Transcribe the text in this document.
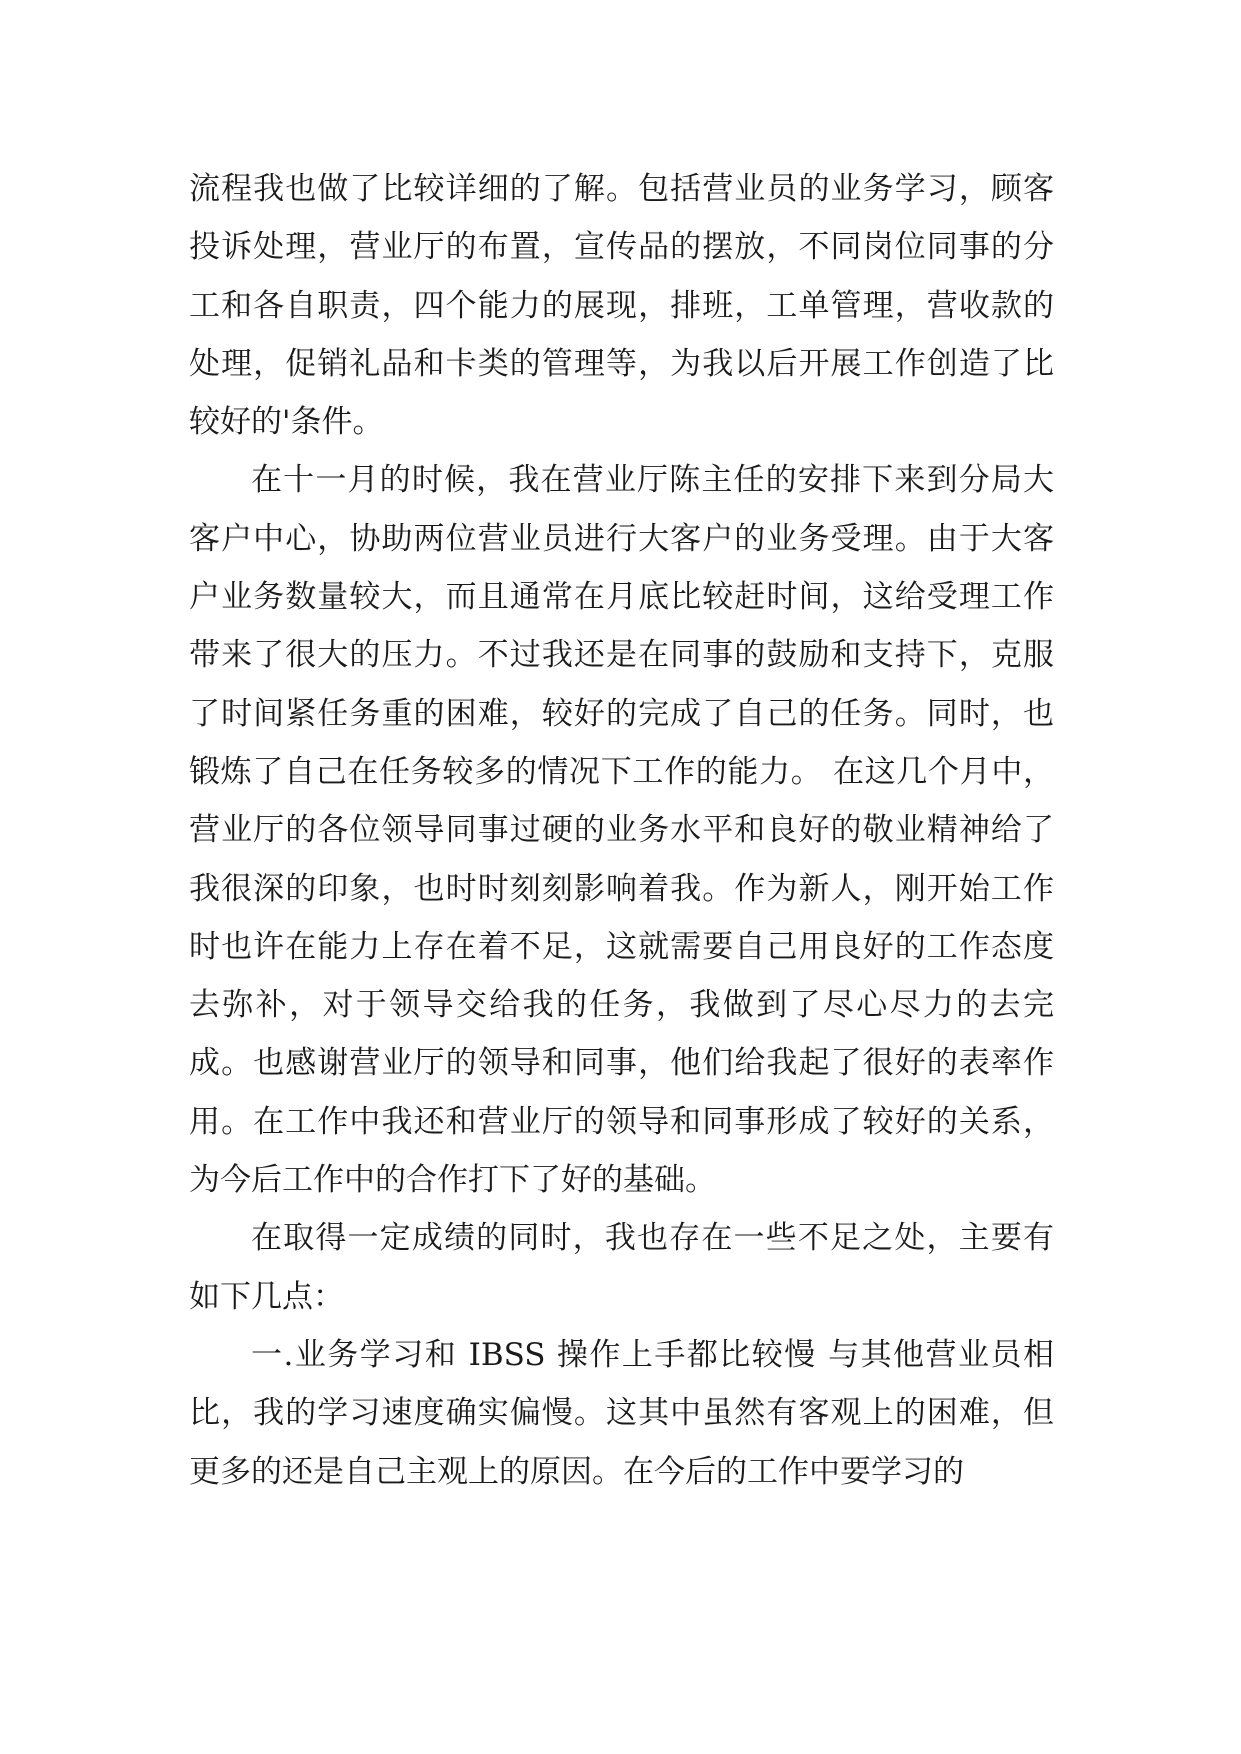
流程我也做了比较详细的了解。包括营业员的业务学习，顾客投诉处理，营业厅的布置，宣传品的摆放，不同岗位同事的分工和各自职责，四个能力的展现，排班，工单管理，营收款的处理，促销礼品和卡类的管理等，为我以后开展工作创造了比较好的'条件。

在十一月的时候，我在营业厅陈主任的安排下来到分局大客户中心，协助两位营业员进行大客户的业务受理。由于大客户业务数量较大，而且通常在月底比较赶时间，这给受理工作带来了很大的压力。不过我还是在同事的鼓励和支持下，克服了时间紧任务重的困难，较好的完成了自己的任务。同时，也锻炼了自己在任务较多的情况下工作的能力。 在这几个月中，营业厅的各位领导同事过硬的业务水平和良好的敬业精神给了我很深的印象，也时时刻刻影响着我。作为新人，刚开始工作时也许在能力上存在着不足，这就需要自己用良好的工作态度去弥补，对于领导交给我的任务，我做到了尽心尽力的去完成。也感谢营业厅的领导和同事，他们给我起了很好的表率作用。在工作中我还和营业厅的领导和同事形成了较好的关系，为今后工作中的合作打下了好的基础。

在取得一定成绩的同时，我也存在一些不足之处，主要有如下几点：

一.业务学习和 IBSS 操作上手都比较慢 与其他营业员相比，我的学习速度确实偏慢。这其中虽然有客观上的困难，但更多的还是自己主观上的原因。在今后的工作中要学习的
